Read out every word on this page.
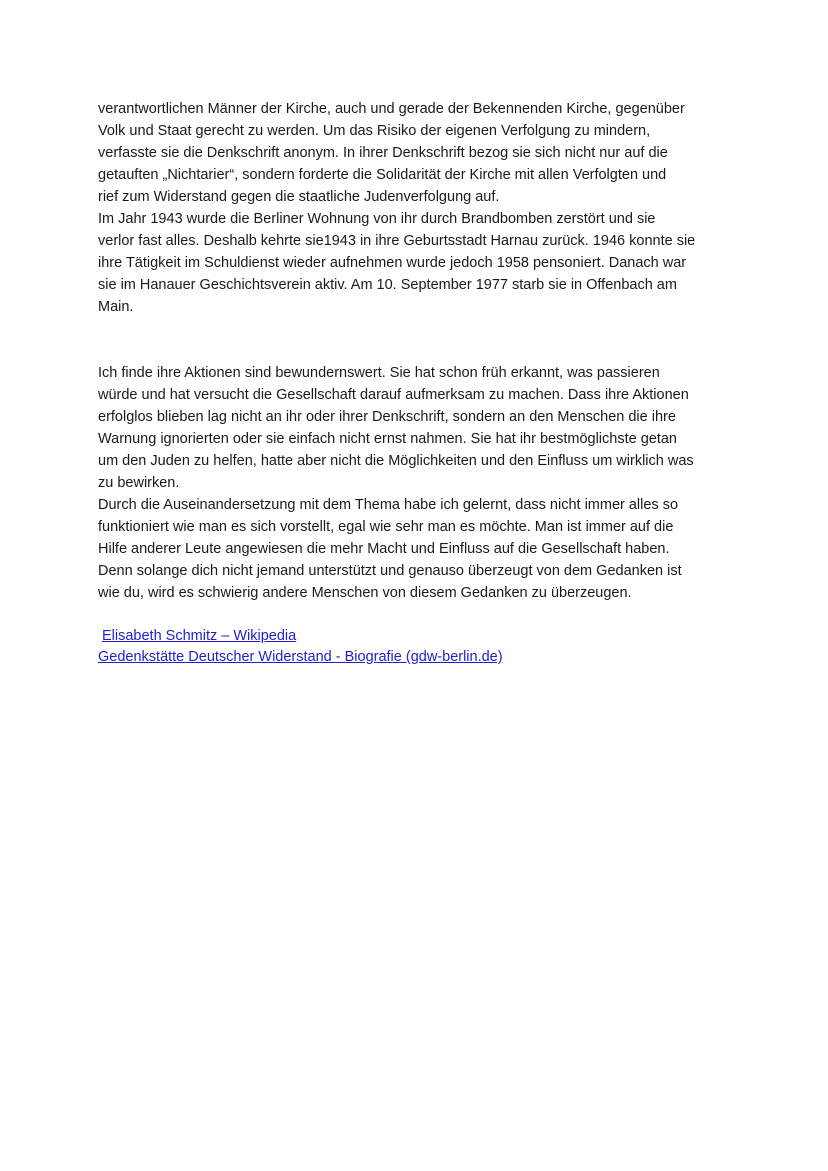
verantwortlichen Männer der Kirche, auch und gerade der Bekennenden Kirche, gegenüber
Volk und Staat gerecht zu werden. Um das Risiko der eigenen Verfolgung zu mindern,
verfasste sie die Denkschrift anonym. In ihrer Denkschrift bezog sie sich nicht nur auf die
getauften „Nichtarier“, sondern forderte die Solidarität der Kirche mit allen Verfolgten und
rief zum Widerstand gegen die staatliche Judenverfolgung auf.
Im Jahr 1943 wurde die Berliner Wohnung von ihr durch Brandbomben zerstört und sie
verlor fast alles. Deshalb kehrte sie1943 in ihre Geburtsstadt Harnau zurück. 1946 konnte sie
ihre Tätigkeit im Schuldienst wieder aufnehmen wurde jedoch 1958 pensoniert. Danach war
sie im Hanauer Geschichtsverein aktiv. Am 10. September 1977 starb sie in Offenbach am
Main.
Ich finde ihre Aktionen sind bewundernswert. Sie hat schon früh erkannt, was passieren
würde und hat versucht die Gesellschaft darauf aufmerksam zu machen. Dass ihre Aktionen
erfolglos blieben lag nicht an ihr oder ihrer Denkschrift, sondern an den Menschen die ihre
Warnung ignorierten oder sie einfach nicht ernst nahmen. Sie hat ihr bestmöglichste getan
um den Juden zu helfen, hatte aber nicht die Möglichkeiten und den Einfluss um wirklich was
zu bewirken.
Durch die Auseinandersetzung mit dem Thema habe ich gelernt, dass nicht immer alles so
funktioniert wie man es sich vorstellt, egal wie sehr man es möchte. Man ist immer auf die
Hilfe anderer Leute angewiesen die mehr Macht und Einfluss auf die Gesellschaft haben.
Denn solange dich nicht jemand unterstützt und genauso überzeugt von dem Gedanken ist
wie du, wird es schwierig andere Menschen von diesem Gedanken zu überzeugen.
Elisabeth Schmitz – Wikipedia
Gedenkstätte Deutscher Widerstand - Biografie (gdw-berlin.de)
